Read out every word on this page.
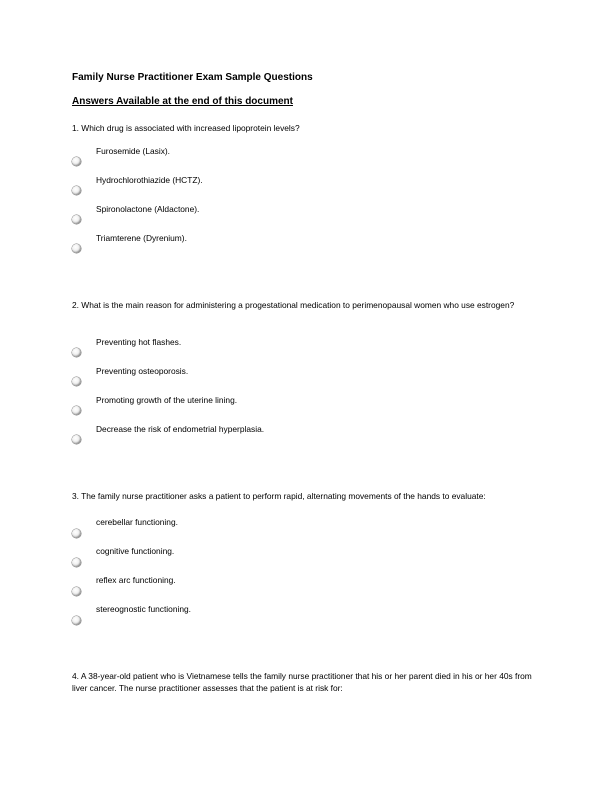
Family Nurse Practitioner Exam Sample Questions
Answers Available at the end of this document
1. Which drug is associated with increased lipoprotein levels?
Furosemide (Lasix).
Hydrochlorothiazide (HCTZ).
Spironolactone (Aldactone).
Triamterene (Dyrenium).
2. What is the main reason for administering a progestational medication to perimenopausal women who use estrogen?
Preventing hot flashes.
Preventing osteoporosis.
Promoting growth of the uterine lining.
Decrease the risk of endometrial hyperplasia.
3. The family nurse practitioner asks a patient to perform rapid, alternating movements of the hands to evaluate:
cerebellar functioning.
cognitive functioning.
reflex arc functioning.
stereognostic functioning.
4. A 38-year-old patient who is Vietnamese tells the family nurse practitioner that his or her parent died in his or her 40s from liver cancer. The nurse practitioner assesses that the patient is at risk for:
